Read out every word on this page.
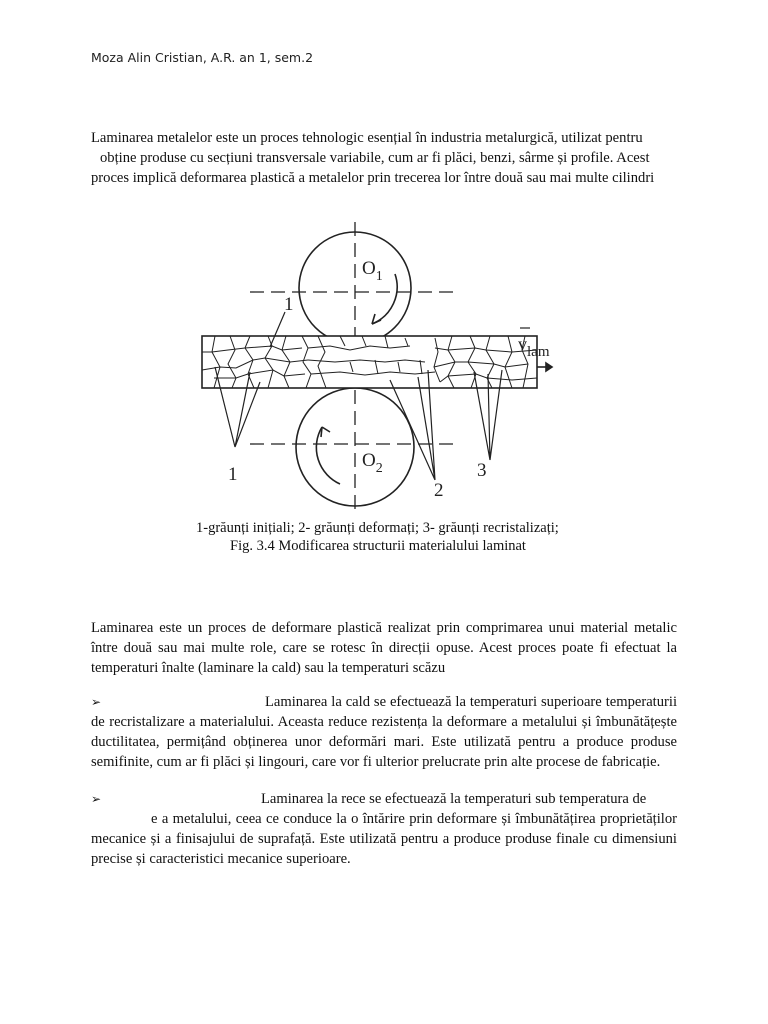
Moza Alin Cristian, A.R. an 1, sem.2
Laminarea metalelor este un proces tehnologic esențial în industria metalurgică, utilizat pentru
obține produse cu secțiuni transversale variabile, cum ar fi plăci, benzi, sârme și profile. Acest
proces implică deformarea plastică a metalelor prin trecerea lor între două sau mai multe cilindri
$O_1$
$O_2$
$v_{lam}$
1
1
2
3
1-grăunți inițiali; 2- grăunți deformați; 3- grăunți recristalizați;
Fig. 3.4 Modificarea structurii materialului laminat
Laminarea este un proces de deformare plastică realizat prin comprimarea unui material metalic între două sau mai multe role, care se rotesc în direcții opuse. Acest proces poate fi efectuat la temperaturi înalte (laminare la cald) sau la temperaturi scăzu
➢	Laminarea la cald se efectuează la temperaturi superioare temperaturii de recristalizare a materialului. Aceasta reduce rezistența la deformare a metalului și îmbunătățește ductilitatea, permițând obținerea unor deformări mari. Este utilizată pentru a produce produse semifinite, cum ar fi plăci și lingouri, care vor fi ulterior prelucrate prin alte procese de fabricație.
➢	Laminarea la rece se efectuează la temperaturi sub temperatura de
e a metalului, ceea ce conduce la o întărire prin deformare și îmbunătățirea proprietăților mecanice și a finisajului de suprafață. Este utilizată pentru a produce produse finale cu dimensiuni precise și caracteristici mecanice superioare.
